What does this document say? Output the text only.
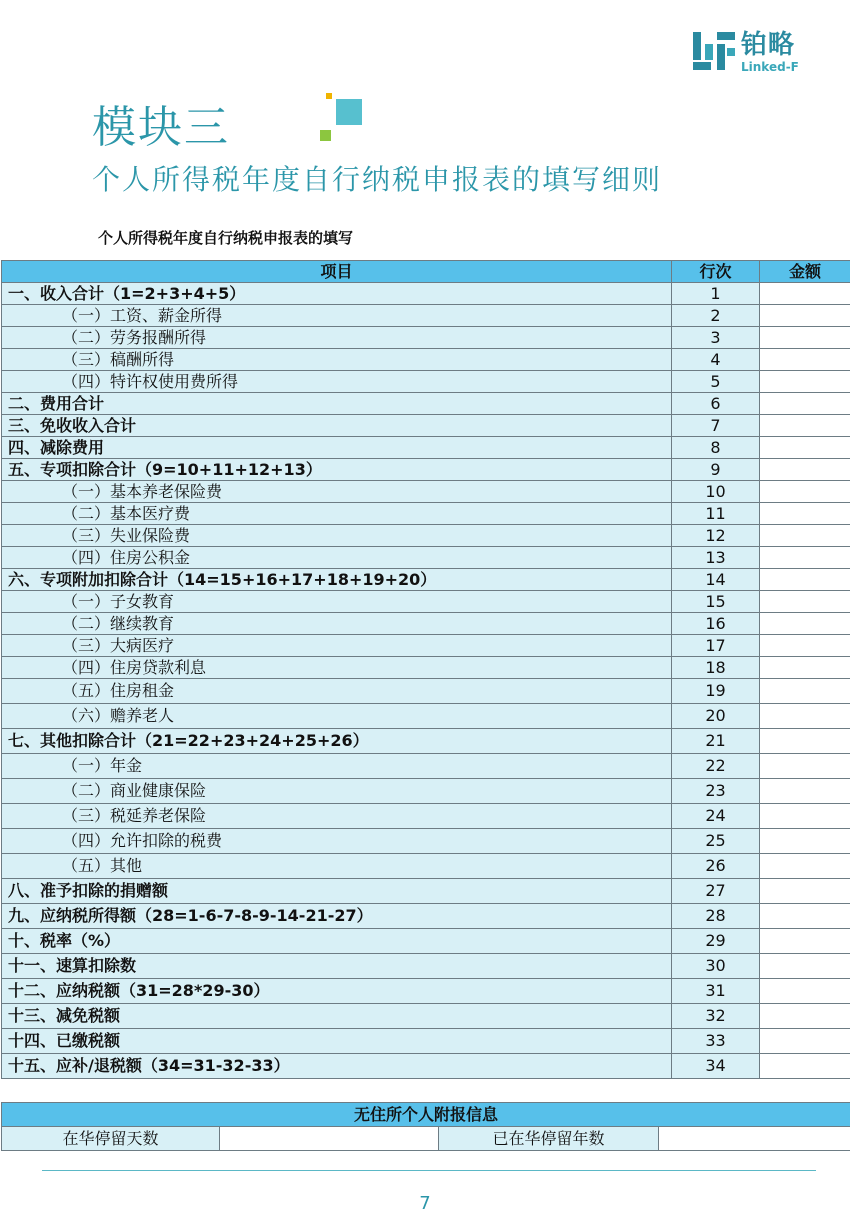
铂略
Linked-F
模块三
个人所得税年度自行纳税申报表的填写细则
个人所得税年度自行纳税申报表的填写
项目	行次	金额
一、收入合计（1=2+3+4+5）	1	
（一）工资、薪金所得	2	
（二）劳务报酬所得	3	
（三）稿酬所得	4	
（四）特许权使用费所得	5	
二、费用合计	6	
三、免收收入合计	7	
四、减除费用	8	
五、专项扣除合计（9=10+11+12+13）	9	
（一）基本养老保险费	10	
（二）基本医疗费	11	
（三）失业保险费	12	
（四）住房公积金	13	
六、专项附加扣除合计（14=15+16+17+18+19+20）	14	
（一）子女教育	15	
（二）继续教育	16	
（三）大病医疗	17	
（四）住房贷款利息	18	
（五）住房租金	19	
（六）赡养老人	20	
七、其他扣除合计（21=22+23+24+25+26）	21	
（一）年金	22	
（二）商业健康保险	23	
（三）税延养老保险	24	
（四）允许扣除的税费	25	
（五）其他	26	
八、准予扣除的捐赠额	27	
九、应纳税所得额（28=1-6-7-8-9-14-21-27）	28	
十、税率（%）	29	
十一、速算扣除数	30	
十二、应纳税额（31=28*29-30）	31	
十三、减免税额	32	
十四、已缴税额	33	
十五、应补/退税额（34=31-32-33）	34	
无住所个人附报信息
在华停留天数		已在华停留年数	
7
